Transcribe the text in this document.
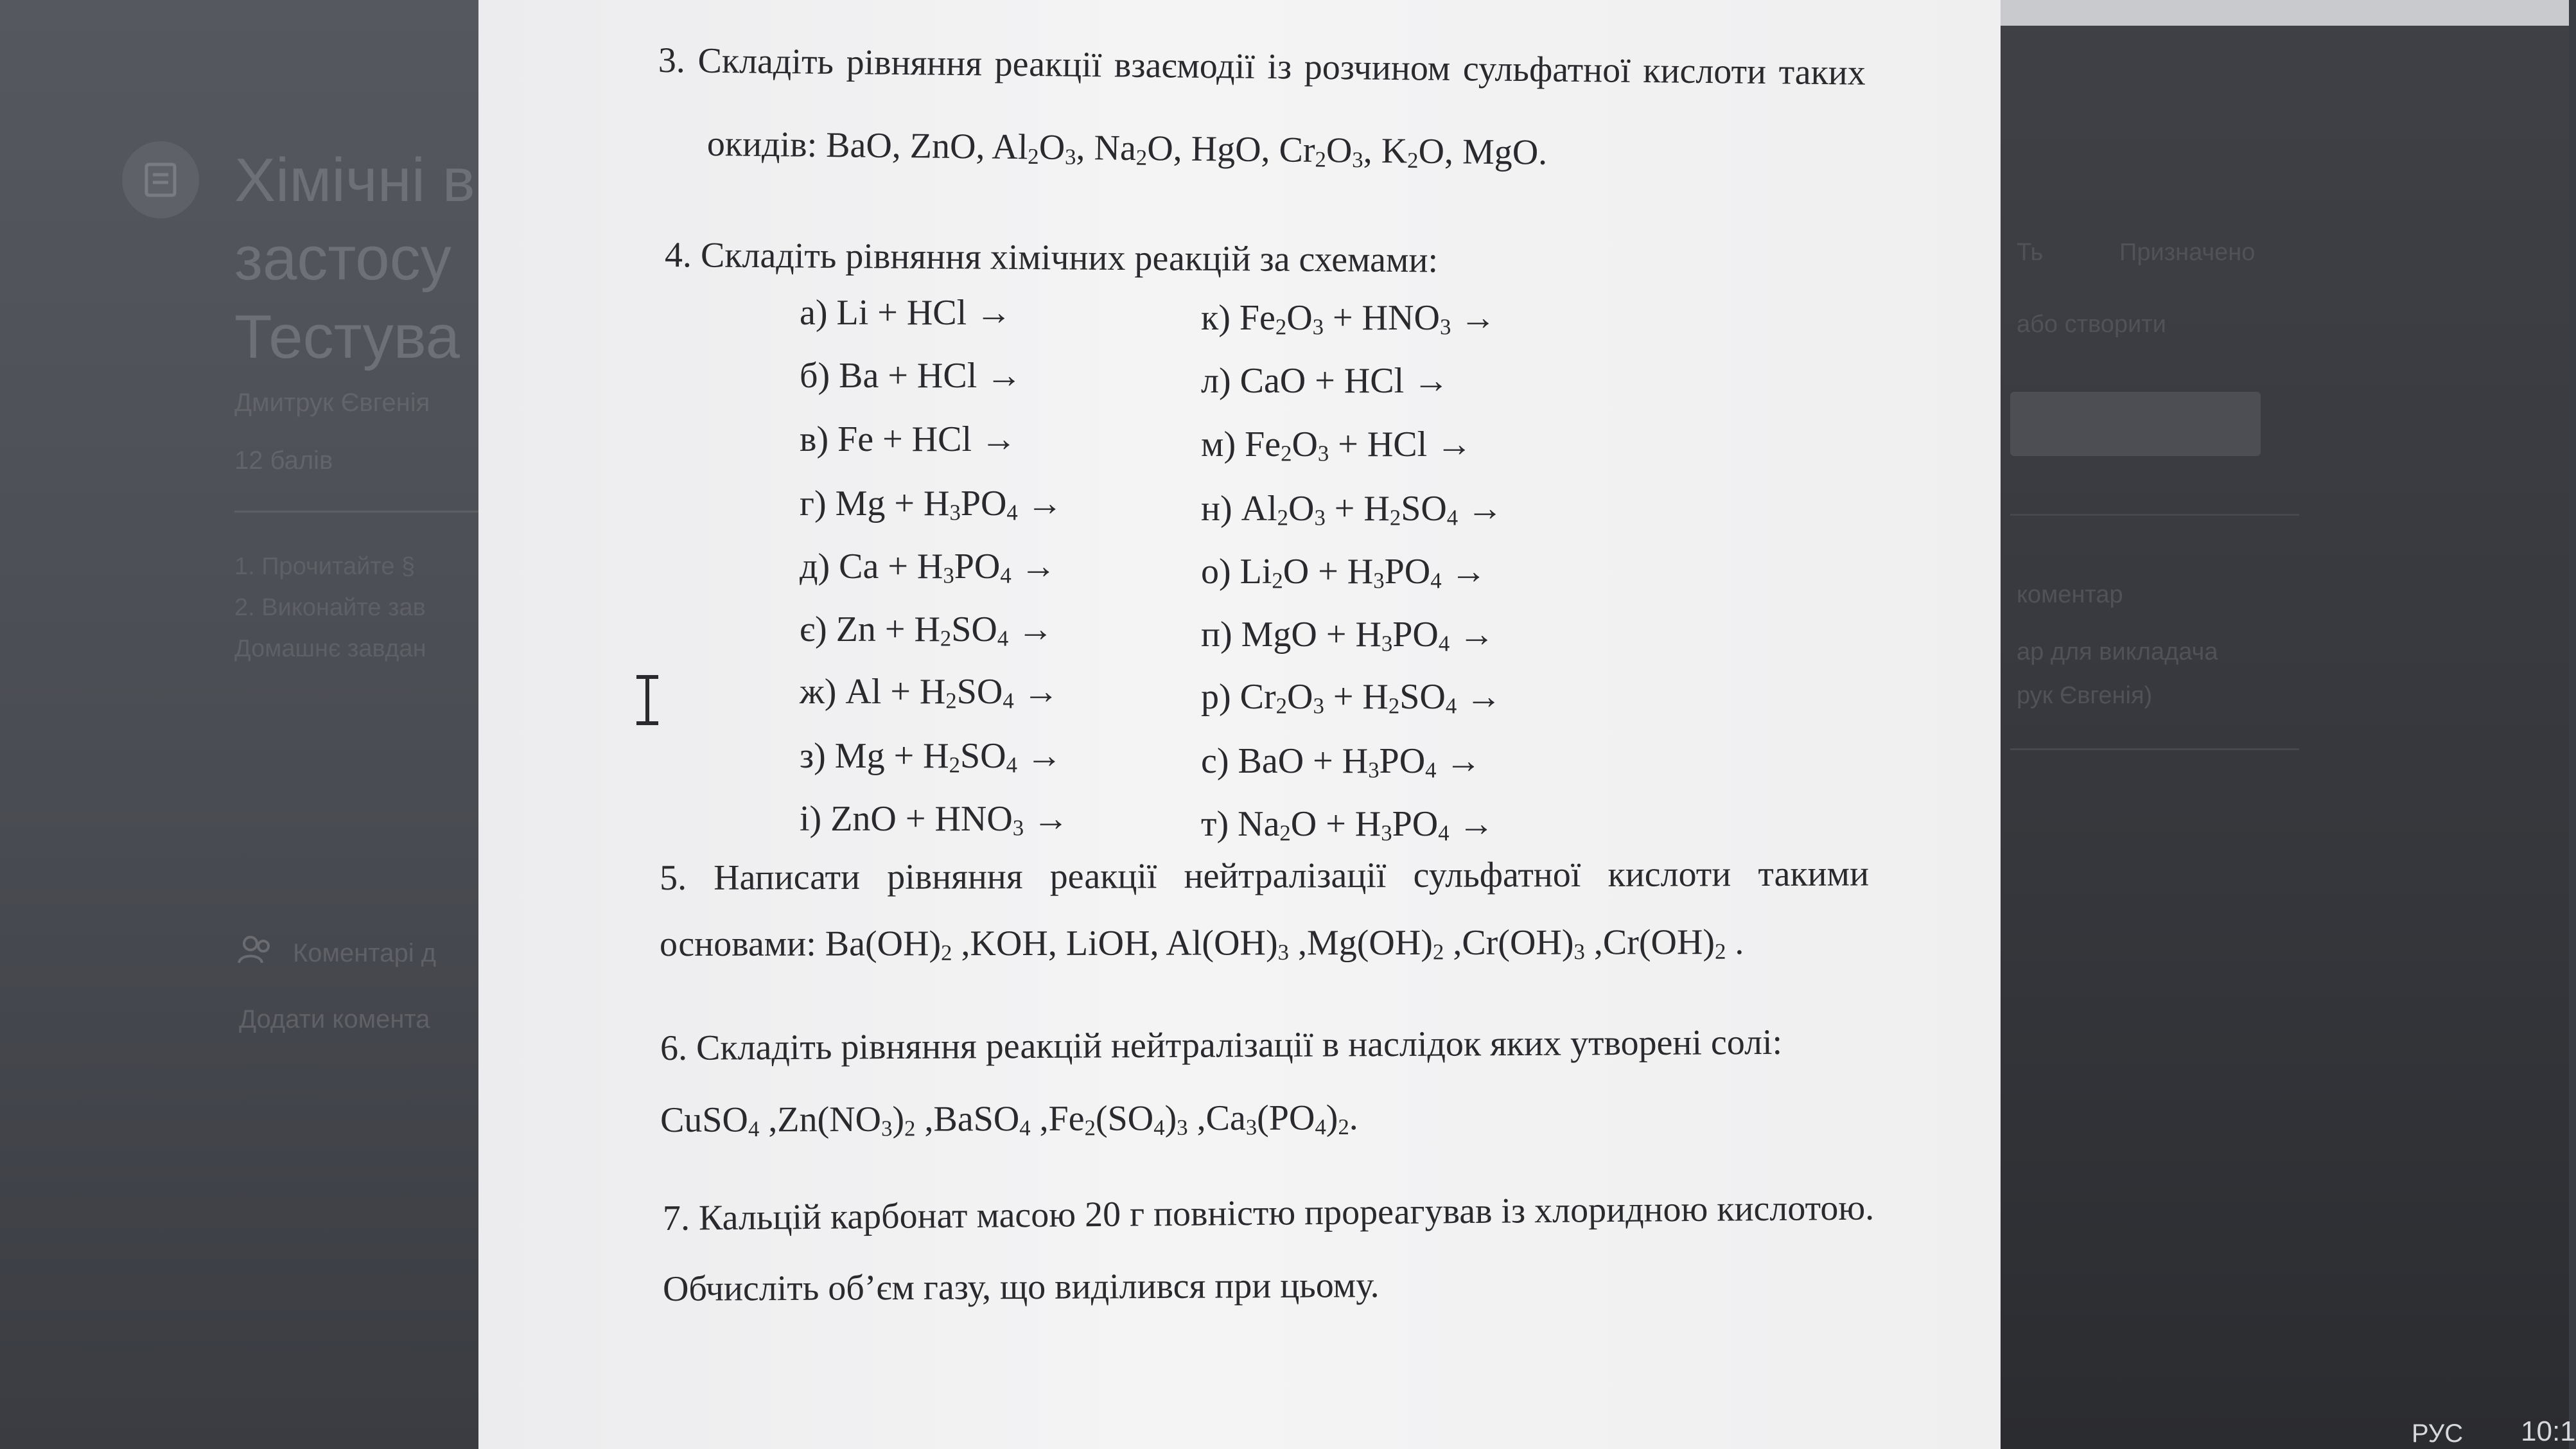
Хімічні в
застосу
Тестува
Дмитрук Євгенія
12 балів
1. Прочитайте §
2. Виконайте зав
Домашнє завдан
Коментарі д
Додати комента
Ть	Призначено
або створити
коментар
ар для викладача
рук Євгенія)
РУС 10:1
3. Складіть рівняння реакції взаємодії із розчином сульфатної кислоти таких
окидів: BaO, ZnO, $Al_2O_3$, $Na_2O$, HgO, $Cr_2O_3$, $K_2O$, MgO.
4. Складіть рівняння хімічних реакцій за схемами:
а) Li + HCl →
б) Ba + HCl →
в) Fe + HCl →
г) $Mg + H_3PO_4$ →
д) $Ca + H_3PO_4$ →
є) $Zn + H_2SO_4$ →
ж) $Al + H_2SO_4$ →
з) $Mg + H_2SO_4$ →
і) ZnO + $HNO_3$ →
к) $Fe_2O_3 + HNO_3$ →
л) CaO + HCl →
м) $Fe_2O_3$ + HCl →
н) $Al_2O_3 + H_2SO_4$ →
о) $Li_2O + H_3PO_4$ →
п) MgO + $H_3PO_4$ →
р) $Cr_2O_3 + H_2SO_4$ →
с) BaO + $H_3PO_4$ →
т) $Na_2O + H_3PO_4$ →
5. Написати рівняння реакції нейтралізації сульфатної кислоти такими
основами: $Ba(OH)_2$ ,KOH, LiOH, $Al(OH)_3$ $,Mg(OH)_2$ $,Cr(OH)_3$ $,Cr(OH)_2$ .
6. Складіть рівняння реакцій нейтралізації в наслідок яких утворені солі:
CuSO$_4$ $,Zn(NO_3)_2$ ,BaSO$_4$ $,Fe_2(SO_4)_3$ $,Ca_3(PO_4)_2$.
7. Кальцій карбонат масою 20 г повністю прореагував із хлоридною кислотою.
Обчисліть об’єм газу, що виділився при цьому.
